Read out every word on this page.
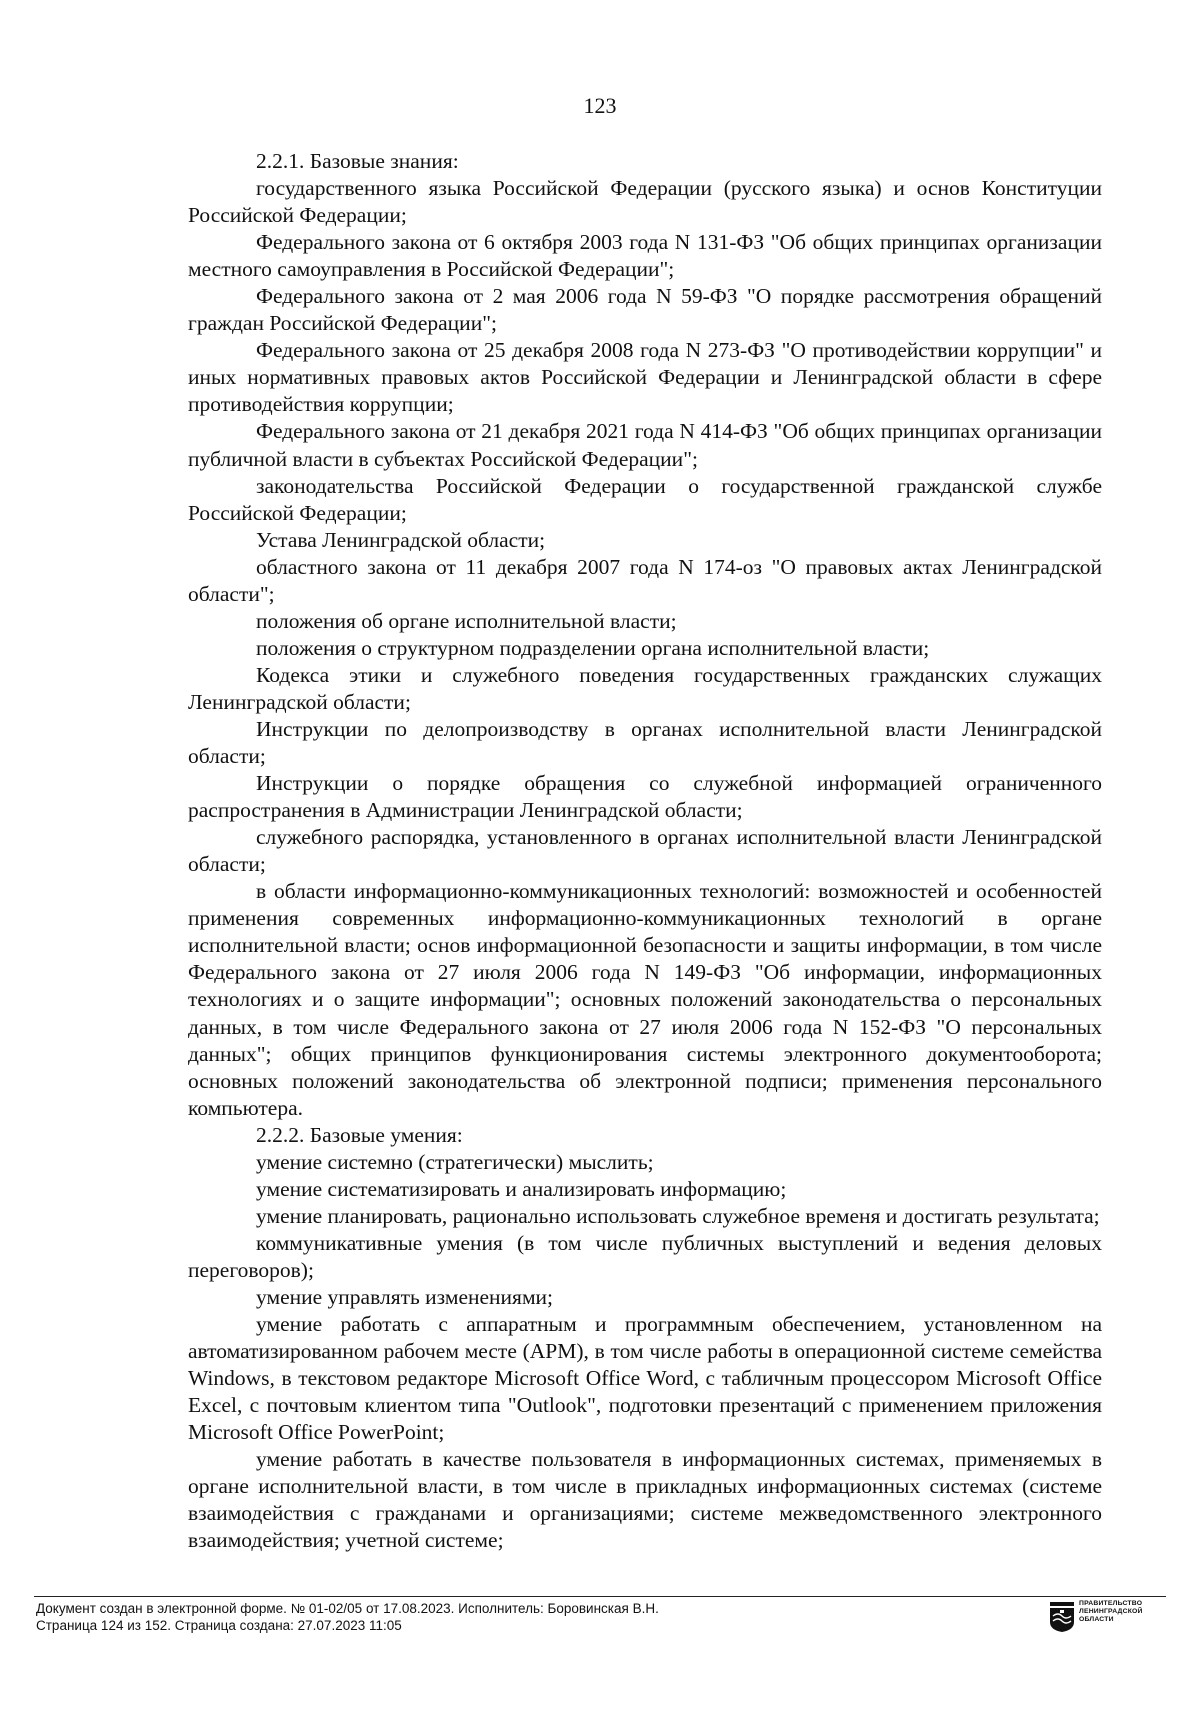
123

2.2.1. Базовые знания:

государственного языка Российской Федерации (русского языка) и основ Конституции Российской Федерации;

Федерального закона от 6 октября 2003 года N 131-ФЗ "Об общих принципах организации местного самоуправления в Российской Федерации";

Федерального закона от 2 мая 2006 года N 59-ФЗ "О порядке рассмотрения обращений граждан Российской Федерации";

Федерального закона от 25 декабря 2008 года N 273-ФЗ "О противодействии коррупции" и иных нормативных правовых актов Российской Федерации и Ленинградской области в сфере противодействия коррупции;

Федерального закона от 21 декабря 2021 года N 414-ФЗ "Об общих принципах организации публичной власти в субъектах Российской Федерации";

законодательства Российской Федерации о государственной гражданской службе Российской Федерации;

Устава Ленинградской области;

областного закона от 11 декабря 2007 года N 174-оз "О правовых актах Ленинградской области";

положения об органе исполнительной власти;

положения о структурном подразделении органа исполнительной власти;

Кодекса этики и служебного поведения государственных гражданских служащих Ленинградской области;

Инструкции по делопроизводству в органах исполнительной власти Ленинградской области;

Инструкции о порядке обращения со служебной информацией ограниченного распространения в Администрации Ленинградской области;

служебного распорядка, установленного в органах исполнительной власти Ленинградской области;

в области информационно-коммуникационных технологий: возможностей и особенностей применения современных информационно-коммуникационных технологий в органе исполнительной власти; основ информационной безопасности и защиты информации, в том числе Федерального закона от 27 июля 2006 года N 149-ФЗ "Об информации, информационных технологиях и о защите информации"; основных положений законодательства о персональных данных, в том числе Федерального закона от 27 июля 2006 года N 152-ФЗ "О персональных данных"; общих принципов функционирования системы электронного документооборота; основных положений законодательства об электронной подписи; применения персонального компьютера.

2.2.2. Базовые умения:

умение системно (стратегически) мыслить;

умение систематизировать и анализировать информацию;

умение планировать, рационально использовать служебное временя и достигать результата;

коммуникативные умения (в том числе публичных выступлений и ведения деловых переговоров);

умение управлять изменениями;

умение работать с аппаратным и программным обеспечением, установленном на автоматизированном рабочем месте (АРМ), в том числе работы в операционной системе семейства Windows, в текстовом редакторе Microsoft Office Word, с табличным процессором Microsoft Office Excel, с почтовым клиентом типа "Outlook", подготовки презентаций с применением приложения Microsoft Office PowerPoint;

умение работать в качестве пользователя в информационных системах, применяемых в органе исполнительной власти, в том числе в прикладных информационных системах (системе взаимодействия с гражданами и организациями; системе межведомственного электронного взаимодействия; учетной системе;

Документ создан в электронной форме. № 01-02/05 от 17.08.2023. Исполнитель: Боровинская В.Н.
Страница 124 из 152. Страница создана: 27.07.2023 11:05
ПРАВИТЕЛЬСТВО
ЛЕНИНГРАДСКОЙ
ОБЛАСТИ
